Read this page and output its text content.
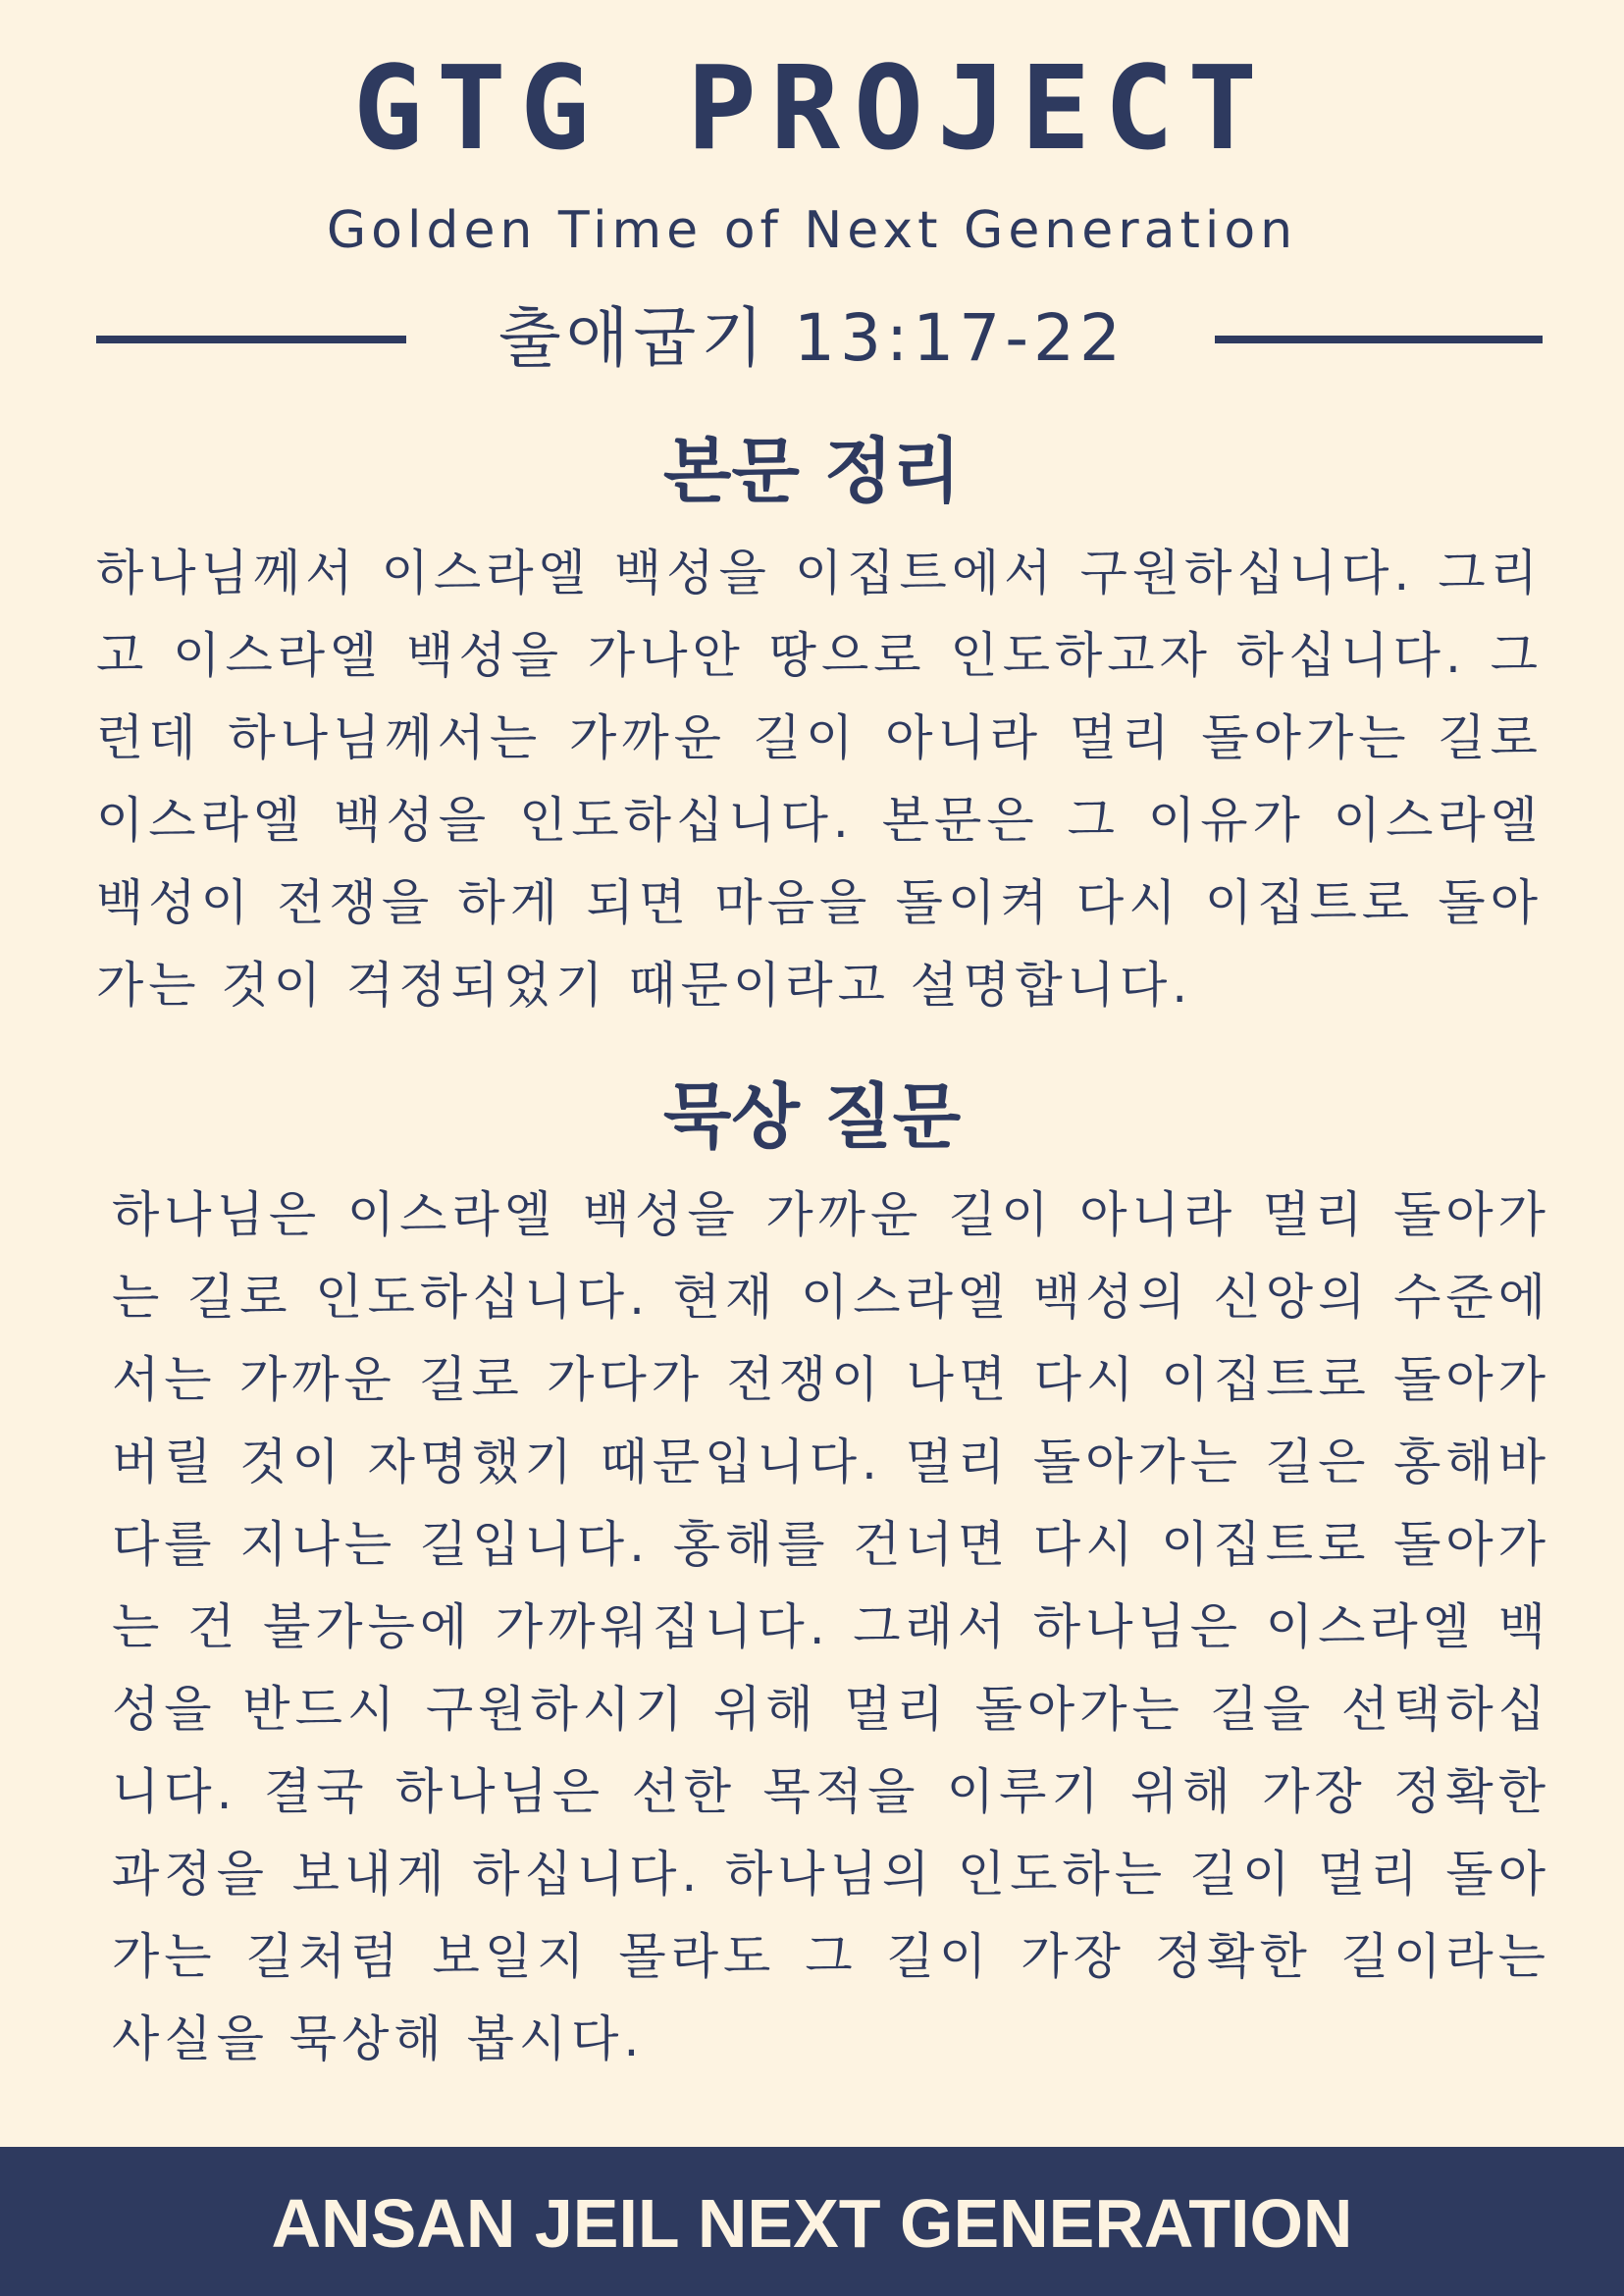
GTG PROJECT
Golden Time of Next Generation
출애굽기 13:17-22
본문 정리
하나님께서 이스라엘 백성을 이집트에서 구원하십니다. 그리고 이스라엘 백성을 가나안 땅으로 인도하고자 하십니다. 그런데 하나님께서는 가까운 길이 아니라 멀리 돌아가는 길로 이스라엘 백성을 인도하십니다. 본문은 그 이유가 이스라엘 백성이 전쟁을 하게 되면 마음을 돌이켜 다시 이집트로 돌아가는 것이 걱정되었기 때문이라고 설명합니다.
묵상 질문
하나님은 이스라엘 백성을 가까운 길이 아니라 멀리 돌아가는 길로 인도하십니다. 현재 이스라엘 백성의 신앙의 수준에서는 가까운 길로 가다가 전쟁이 나면 다시 이집트로 돌아가버릴 것이 자명했기 때문입니다. 멀리 돌아가는 길은 홍해바다를 지나는 길입니다. 홍해를 건너면 다시 이집트로 돌아가는 건 불가능에 가까워집니다. 그래서 하나님은 이스라엘 백성을 반드시 구원하시기 위해 멀리 돌아가는 길을 선택하십니다. 결국 하나님은 선한 목적을 이루기 위해 가장 정확한 과정을 보내게 하십니다. 하나님의 인도하는 길이 멀리 돌아가는 길처럼 보일지 몰라도 그 길이 가장 정확한 길이라는 사실을 묵상해 봅시다.
ANSAN JEIL NEXT GENERATION
